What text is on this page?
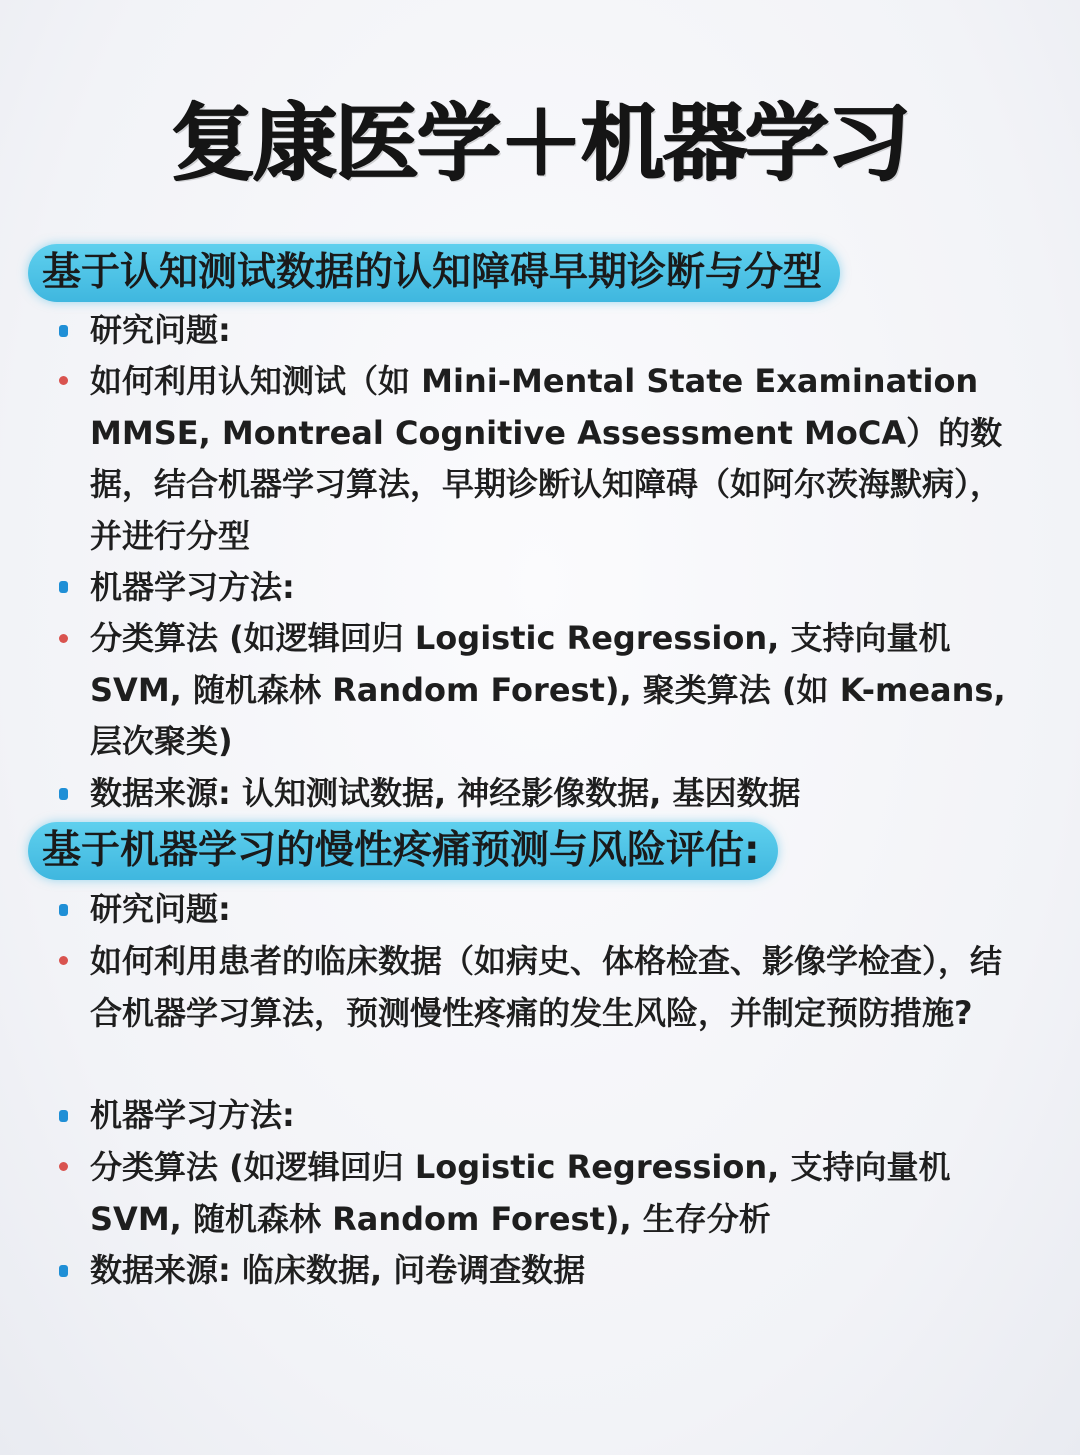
复康医学＋机器学习
基于认知测试数据的认知障碍早期诊断与分型
研究问题:
如何利用认知测试（如 Mini-Mental State Examination MMSE, Montreal Cognitive Assessment MoCA）的数据，结合机器学习算法，早期诊断认知障碍（如阿尔茨海默病），并进行分型
机器学习方法:
分类算法 (如逻辑回归 Logistic Regression, 支持向量机 SVM, 随机森林 Random Forest), 聚类算法 (如 K-means, 层次聚类)
数据来源: 认知测试数据, 神经影像数据, 基因数据
基于机器学习的慢性疼痛预测与风险评估:
研究问题:
如何利用患者的临床数据（如病史、体格检查、影像学检查），结合机器学习算法，预测慢性疼痛的发生风险，并制定预防措施?
机器学习方法:
分类算法 (如逻辑回归 Logistic Regression, 支持向量机 SVM, 随机森林 Random Forest), 生存分析
数据来源: 临床数据, 问卷调查数据
